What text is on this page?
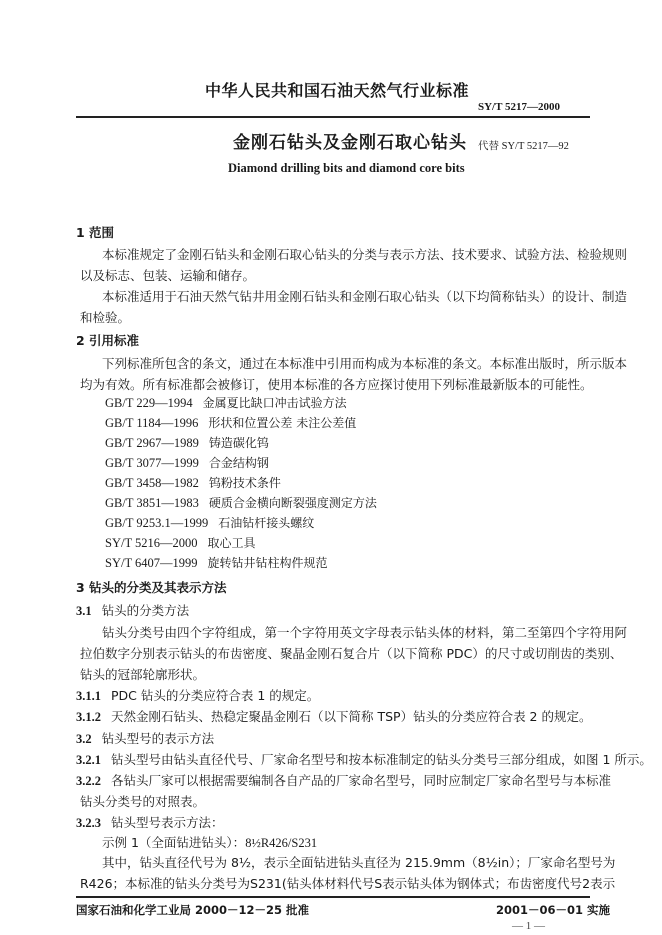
中华人民共和国石油天然气行业标准
SY/T 5217—2000
金刚石钻头及金刚石取心钻头 代替 SY/T 5217—92
Diamond drilling bits and diamond core bits
1 范围
本标准规定了金刚石钻头和金刚石取心钻头的分类与表示方法、技术要求、试验方法、检验规则
以及标志、包装、运输和储存。
本标准适用于石油天然气钻井用金刚石钻头和金刚石取心钻头（以下均简称钻头）的设计、制造
和检验。
2 引用标准
下列标准所包含的条文，通过在本标准中引用而构成为本标准的条文。本标准出版时，所示版本
均为有效。所有标准都会被修订，使用本标准的各方应探讨使用下列标准最新版本的可能性。
GB/T 229—1994 金属夏比缺口冲击试验方法
GB/T 1184—1996 形状和位置公差 未注公差值
GB/T 2967—1989 铸造碳化钨
GB/T 3077—1999 合金结构钢
GB/T 3458—1982 钨粉技术条件
GB/T 3851—1983 硬质合金横向断裂强度测定方法
GB/T 9253.1—1999 石油钻杆接头螺纹
SY/T 5216—2000 取心工具
SY/T 6407—1999 旋转钻井钻柱构件规范
3 钻头的分类及其表示方法
3.1 钻头的分类方法
钻头分类号由四个字符组成，第一个字符用英文字母表示钻头体的材料，第二至第四个字符用阿
拉伯数字分别表示钻头的布齿密度、聚晶金刚石复合片（以下简称 PDC）的尺寸或切削齿的类别、
钻头的冠部轮廓形状。
3.1.1 PDC 钻头的分类应符合表 1 的规定。
3.1.2 天然金刚石钻头、热稳定聚晶金刚石（以下简称 TSP）钻头的分类应符合表 2 的规定。
3.2 钻头型号的表示方法
3.2.1 钻头型号由钻头直径代号、厂家命名型号和按本标准制定的钻头分类号三部分组成，如图 1 所示。
3.2.2 各钻头厂家可以根据需要编制各自产品的厂家命名型号，同时应制定厂家命名型号与本标准
钻头分类号的对照表。
3.2.3 钻头型号表示方法：
示例 1（全面钻进钻头）：8½R426/S231
国家石油和化学工业局 2000－12－25 批准	2001－06－01 实施
— 1 —
其中，钻头直径代号为 8½，表示全面钻进钻头直径为 215.9mm（8½in）；厂家命名型号为
R426；本标准的钻头分类号为S231(钻头体材料代号S表示钻头体为钢体式；布齿密度代号2表示
